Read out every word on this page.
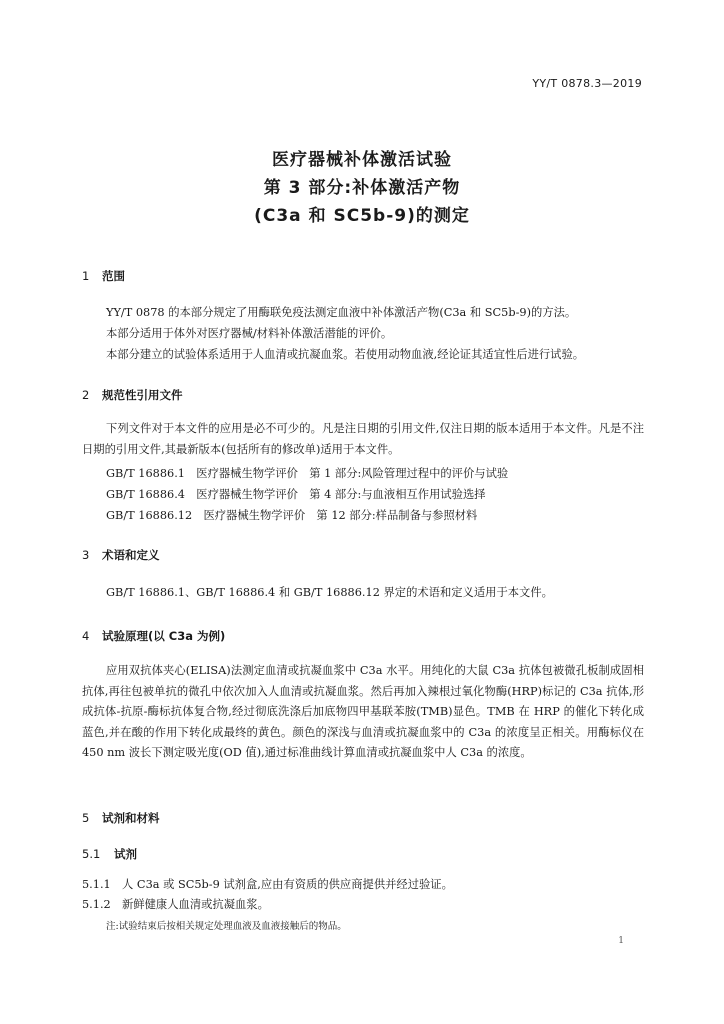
YY/T 0878.3—2019
医疗器械补体激活试验
第 3 部分:补体激活产物
(C3a 和 SC5b-9)的测定
1 范围
YY/T 0878 的本部分规定了用酶联免疫法测定血液中补体激活产物(C3a 和 SC5b-9)的方法。
本部分适用于体外对医疗器械/材料补体激活潜能的评价。
本部分建立的试验体系适用于人血清或抗凝血浆。若使用动物血液,经论证其适宜性后进行试验。
2 规范性引用文件

下列文件对于本文件的应用是必不可少的。凡是注日期的引用文件,仅注日期的版本适用于本文件。凡是不注日期的引用文件,其最新版本(包括所有的修改单)适用于本文件。

GB/T 16886.1　医疗器械生物学评价　第 1 部分:风险管理过程中的评价与试验
GB/T 16886.4　医疗器械生物学评价　第 4 部分:与血液相互作用试验选择
GB/T 16886.12　医疗器械生物学评价　第 12 部分:样品制备与参照材料
3 术语和定义
GB/T 16886.1、GB/T 16886.4 和 GB/T 16886.12 界定的术语和定义适用于本文件。
4 试验原理(以 C3a 为例)

应用双抗体夹心(ELISA)法测定血清或抗凝血浆中 C3a 水平。用纯化的大鼠 C3a 抗体包被微孔板制成固相抗体,再往包被单抗的微孔中依次加入人血清或抗凝血浆。然后再加入辣根过氧化物酶(HRP)标记的 C3a 抗体,形成抗体-抗原-酶标抗体复合物,经过彻底洗涤后加底物四甲基联苯胺(TMB)显色。TMB 在 HRP 的催化下转化成蓝色,并在酸的作用下转化成最终的黄色。颜色的深浅与血清或抗凝血浆中的 C3a 的浓度呈正相关。用酶标仪在 450 nm 波长下测定吸光度(OD 值),通过标准曲线计算血清或抗凝血浆中人 C3a 的浓度。

5 试剂和材料
5.1 试剂
5.1.1　人 C3a 或 SC5b-9 试剂盒,应由有资质的供应商提供并经过验证。
5.1.2　新鲜健康人血清或抗凝血浆。
注:试验结束后按相关规定处理血液及血液接触后的物品。
1
